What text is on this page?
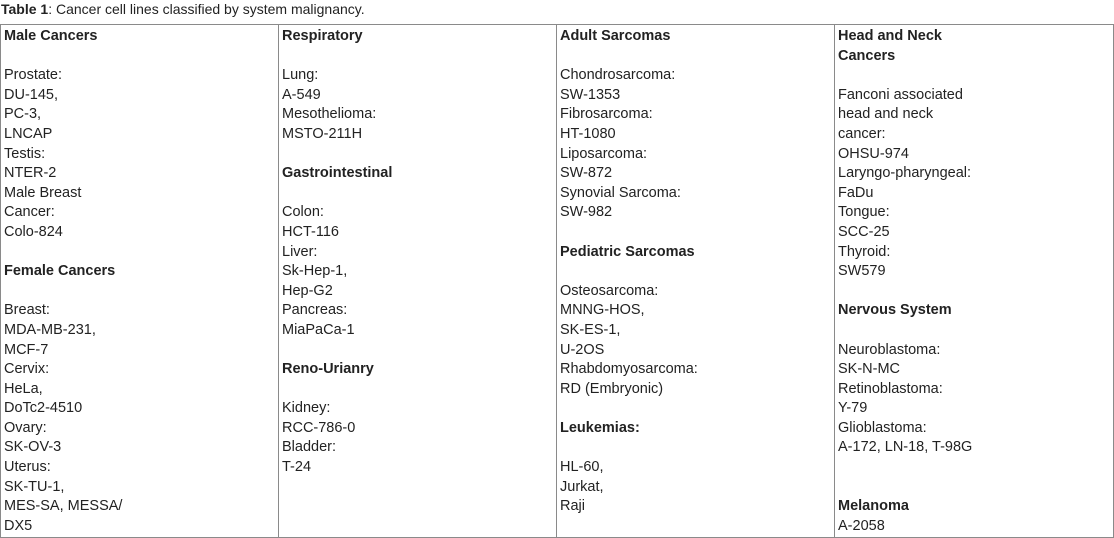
Table 1: Cancer cell lines classified by system malignancy.
Male Cancers
Prostate:
DU-145,
PC-3,
LNCAP
Testis:
NTER-2
Male Breast
Cancer:
Colo-824
Female Cancers
Breast:
MDA-MB-231,
MCF-7
Cervix:
HeLa,
DoTc2-4510
Ovary:
SK-OV-3
Uterus:
SK-TU-1,
MES-SA, MESSA/
DX5

Respiratory
Lung:
A-549
Mesothelioma:
MSTO-211H
Gastrointestinal
Colon:
HCT-116
Liver:
Sk-Hep-1,
Hep-G2
Pancreas:
MiaPaCa-1
Reno-Urianry
Kidney:
RCC-786-0
Bladder:
T-24

Adult Sarcomas
Chondrosarcoma:
SW-1353
Fibrosarcoma:
HT-1080
Liposarcoma:
SW-872
Synovial Sarcoma:
SW-982
Pediatric Sarcomas
Osteosarcoma:
MNNG-HOS,
SK-ES-1,
U-2OS
Rhabdomyosarcoma:
RD (Embryonic)
Leukemias:
HL-60,
Jurkat,
Raji

Head and Neck
Cancers
Fanconi associated
head and neck
cancer:
OHSU-974
Laryngo-pharyngeal:
FaDu
Tongue:
SCC-25
Thyroid:
SW579
Nervous System
Neuroblastoma:
SK-N-MC
Retinoblastoma:
Y-79
Glioblastoma:
A-172, LN-18, T-98G
Melanoma
A-2058
